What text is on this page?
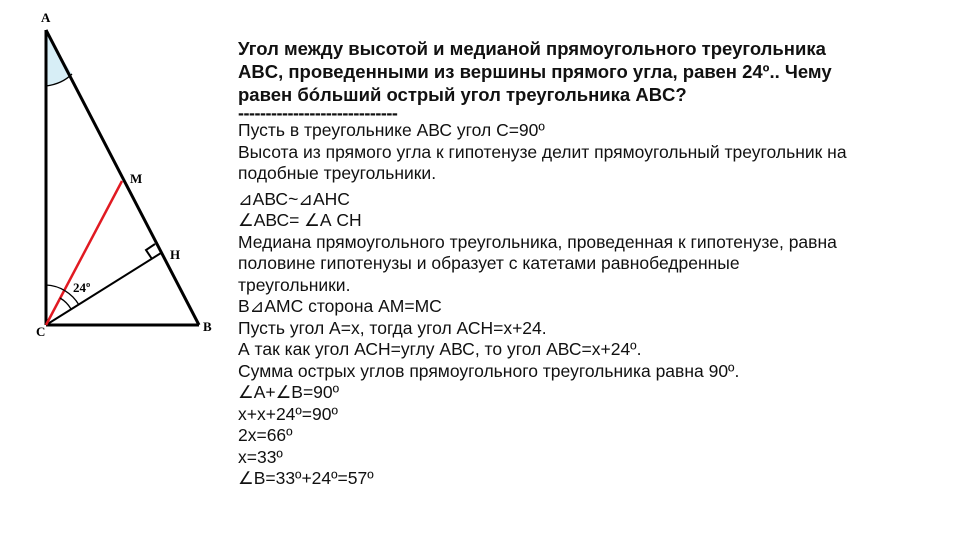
A
M
H
C	B
24º
Угол между высотой и медианой прямоугольного треугольника
ABC, проведенными из вершины прямого угла, равен 24º.. Чему
равен бóльший острый угол треугольника ABC?
-----------------------------
Пусть в треугольнике АВС угол С=90º
Высота из прямого угла к гипотенузе делит прямоугольный треугольник на
подобные треугольники.
⊿АВС~⊿АНС
∠АВС= ∠А СН
Медиана прямоугольного треугольника, проведенная к гипотенузе, равна
половине гипотенузы и образует с катетами равнобедренные
треугольники.
В⊿АМС сторона АМ=МС
Пусть угол А=х, тогда угол АСН=х+24.
А так как угол АСН=углу АВС, то угол АВС=х+24º.
Сумма острых углов прямоугольного треугольника равна 90º.
∠А+∠В=90º
х+х+24º=90º
2х=66º
х=33º
∠В=33º+24º=57º
